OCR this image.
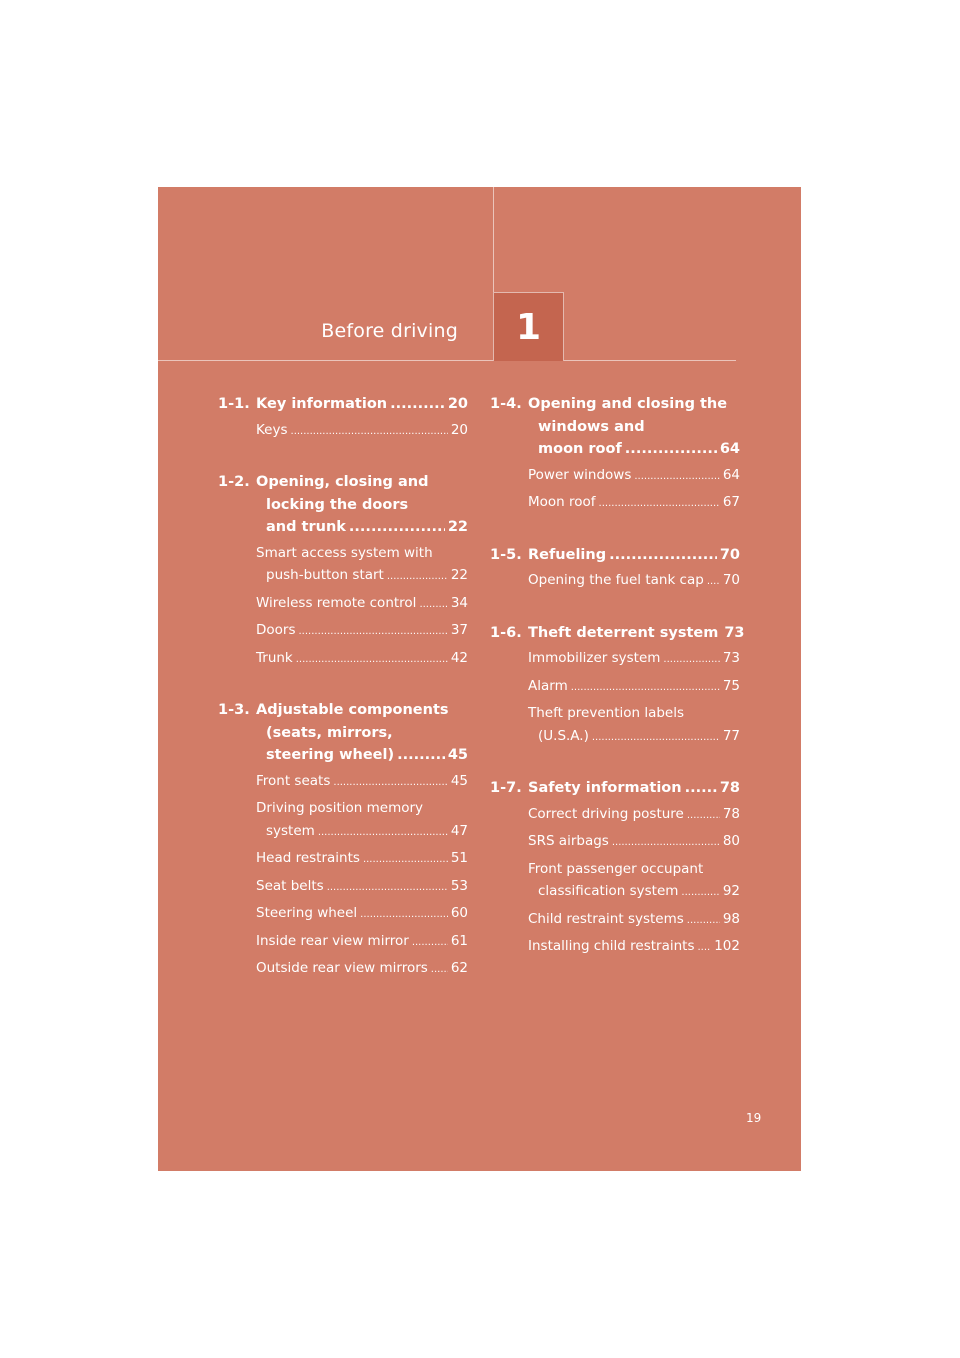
Before driving 1
1-1. Key information .....	20
Keys .....	20
1-2. Opening, closing and
locking the doors
and trunk .....	22
Smart access system with
push-button start .....	22
Wireless remote control .....	34
Doors .....	37
Trunk .....	42
1-3. Adjustable components
(seats, mirrors,
steering wheel) .....	45
Front seats .....	45
Driving position memory
system .....	47
Head restraints .....	51
Seat belts .....	53
Steering wheel .....	60
Inside rear view mirror .....	61
Outside rear view mirrors ..... 62
1-4. Opening and closing the
windows and
moon roof .....	64
Power windows .....	64
Moon roof .....	67
1-5. Refueling .....	70
Opening the fuel tank cap ..... 70
1-6. Theft deterrent system 73
Immobilizer system .....	73
Alarm .....	75
Theft prevention labels
(U.S.A.) .....	77
1-7. Safety information .....	78
Correct driving posture .....	78
SRS airbags .....	80
Front passenger occupant
classification system .....	92
Child restraint systems .....	98
Installing child restraints ..... 102
19
